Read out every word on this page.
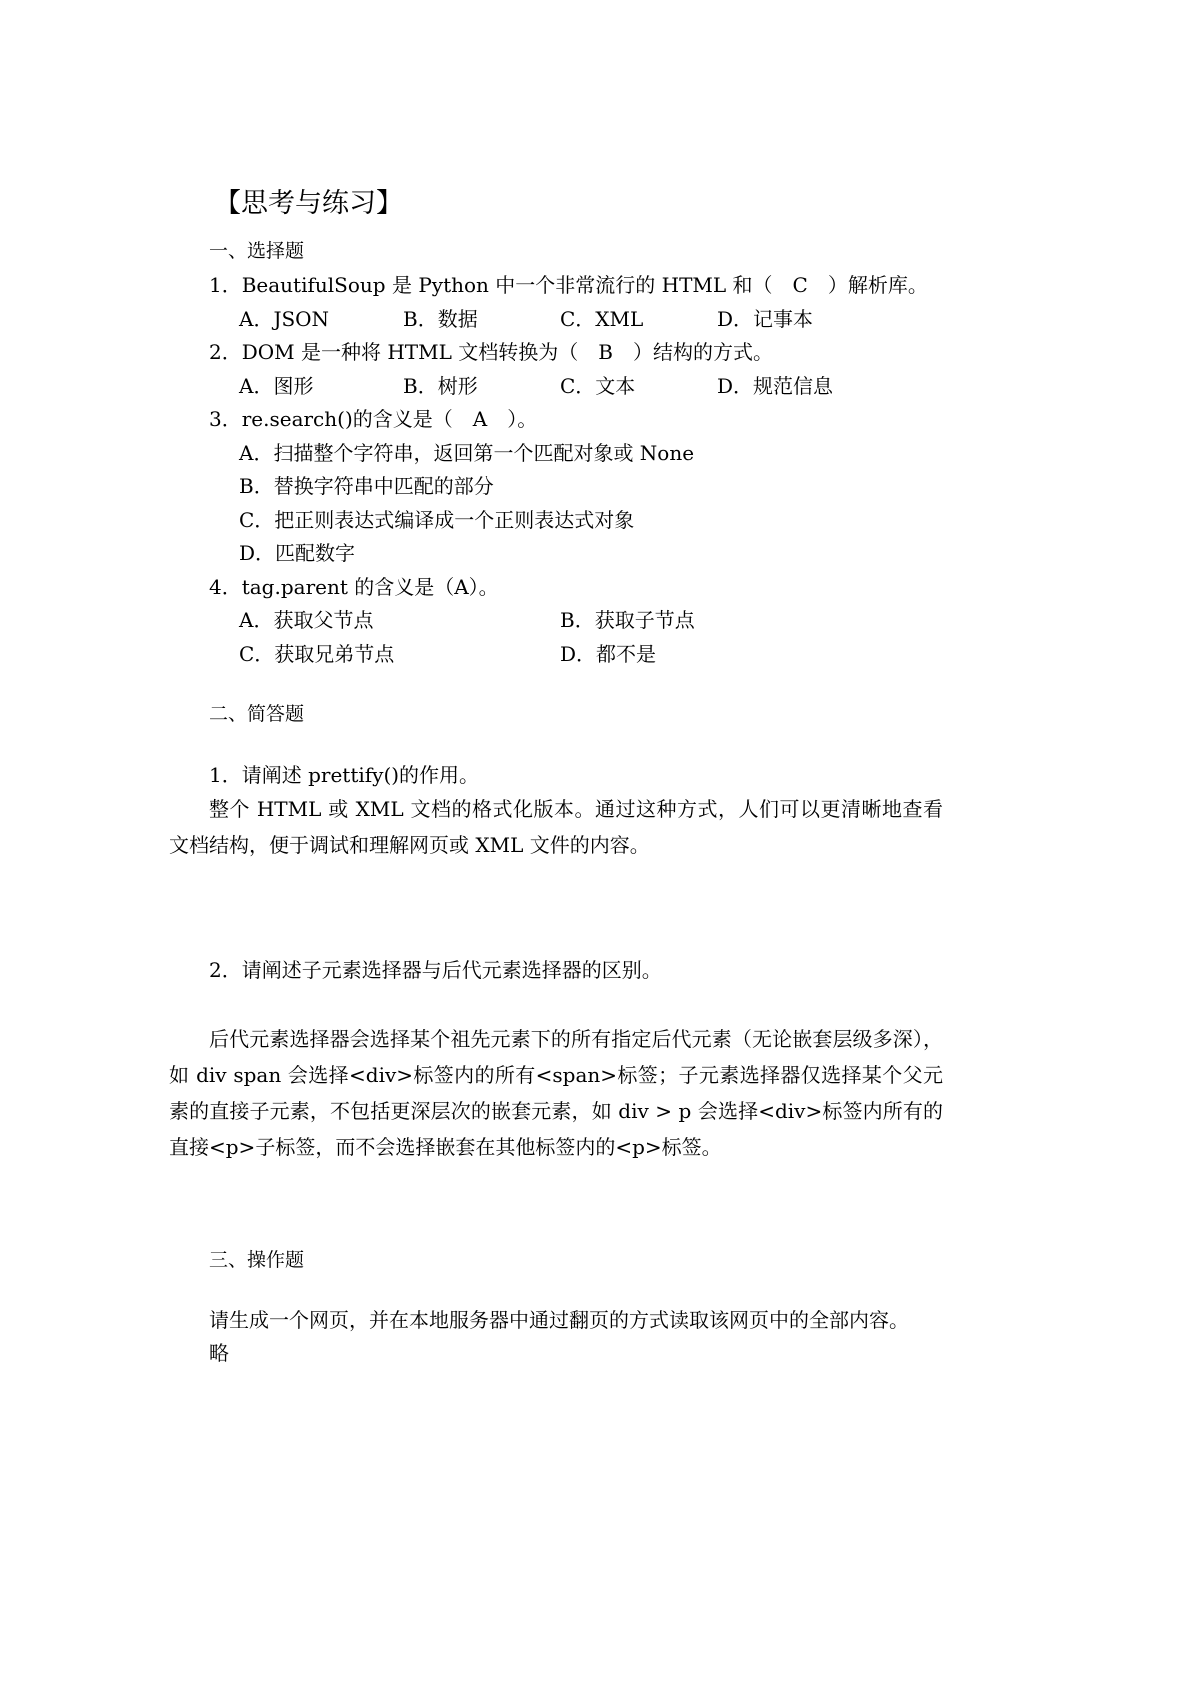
【思考与练习】
一、选择题
1．BeautifulSoup 是 Python 中一个非常流行的 HTML 和（　C　）解析库。
A．JSON	B．数据	C．XML	D．记事本
2．DOM 是一种将 HTML 文档转换为（　B　）结构的方式。
A．图形	B．树形	C．文本	D．规范信息
3．re.search()的含义是（　A　）。
A．扫描整个字符串，返回第一个匹配对象或 None
B．替换字符串中匹配的部分
C．把正则表达式编译成一个正则表达式对象
D．匹配数字
4．tag.parent 的含义是（A）。
A．获取父节点	B．获取子节点
C．获取兄弟节点	D．都不是
二、简答题
1．请阐述 prettify()的作用。
整个 HTML 或 XML 文档的格式化版本。通过这种方式，人们可以更清晰地查看文档结构，便于调试和理解网页或 XML 文件的内容。
2．请阐述子元素选择器与后代元素选择器的区别。
后代元素选择器会选择某个祖先元素下的所有指定后代元素（无论嵌套层级多深），如 div span 会选择<div>标签内的所有<span>标签；子元素选择器仅选择某个父元素的直接子元素，不包括更深层次的嵌套元素，如 div > p 会选择<div>标签内所有的直接<p>子标签，而不会选择嵌套在其他标签内的<p>标签。
三、操作题
请生成一个网页，并在本地服务器中通过翻页的方式读取该网页中的全部内容。
略
